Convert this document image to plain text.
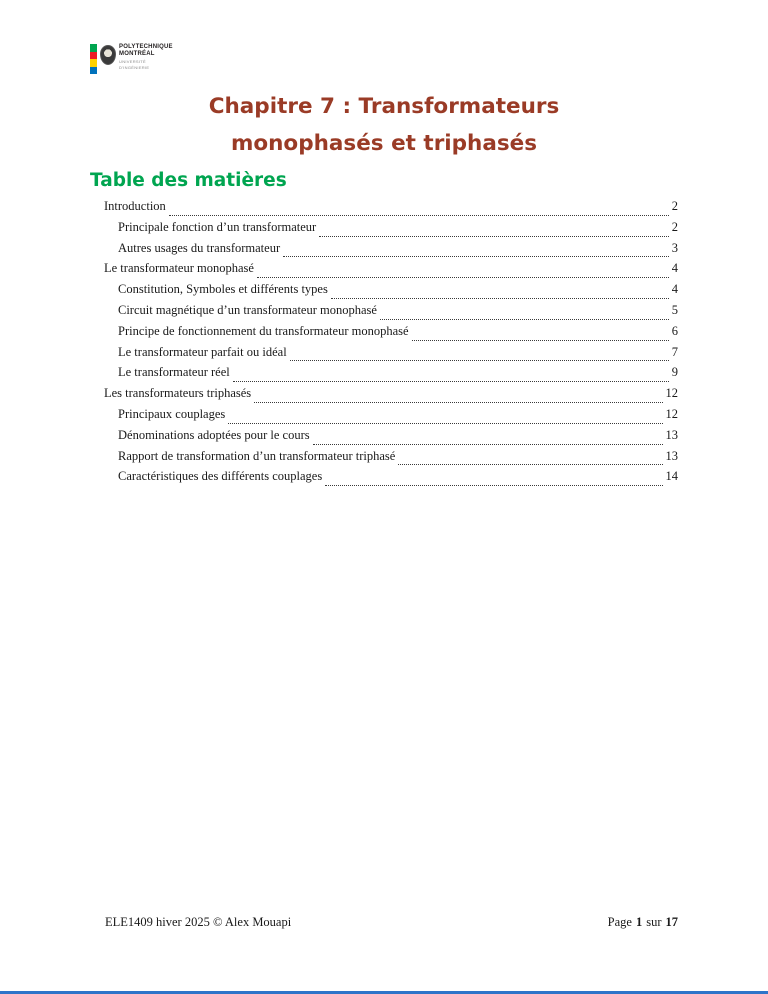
POLYTECHNIQUE
MONTRÉAL
UNIVERSITÉ
D'INGÉNIERIE
Chapitre 7 : Transformateurs
monophasés et triphasés
Table des matières
Introduction	2
Principale fonction d’un transformateur	2
Autres usages du transformateur	3
Le transformateur monophasé	4
Constitution, Symboles et différents types	4
Circuit magnétique d’un transformateur monophasé	5
Principe de fonctionnement du transformateur monophasé	6
Le transformateur parfait ou idéal	7
Le transformateur réel	9
Les transformateurs triphasés	12
Principaux couplages	12
Dénominations adoptées pour le cours	13
Rapport de transformation d’un transformateur triphasé	13
Caractéristiques des différents couplages	14
ELE1409 hiver 2025 © Alex Mouapi	Page 1 sur 17
